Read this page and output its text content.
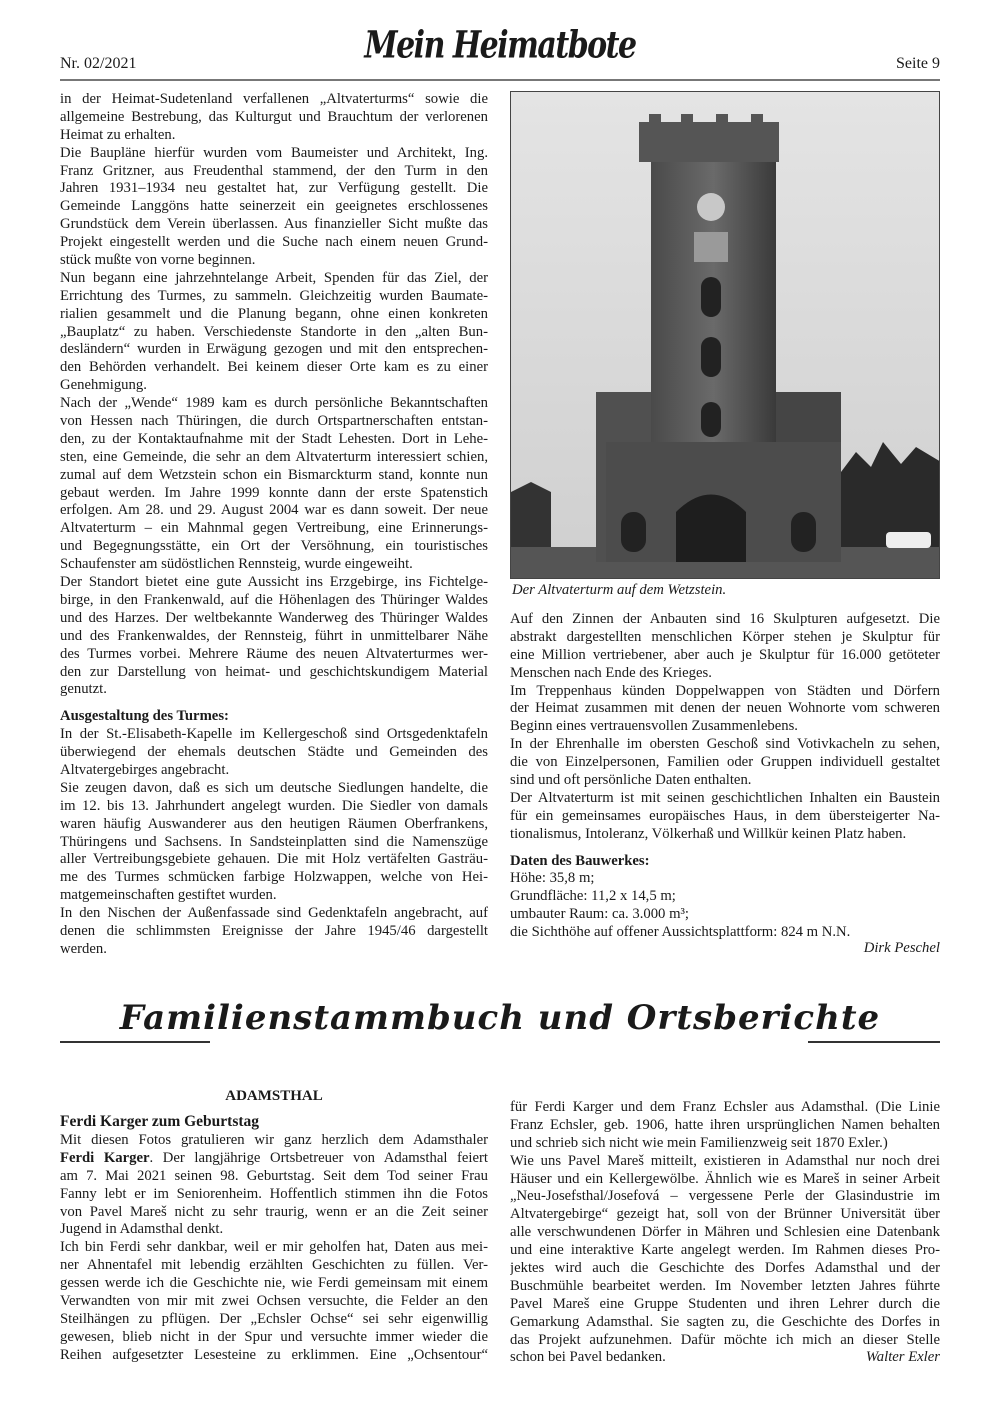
Nr. 02/2021	Mein Heimatbote	Seite 9
in der Heimat-Sudetenland verfallenen „Altvaterturms“ sowie die
allgemeine Bestrebung, das Kulturgut und Brauchtum der verlorenen
Heimat zu erhalten.
Die Baupläne hierfür wurden vom Baumeister und Architekt, Ing.
Franz Gritzner, aus Freudenthal stammend, der den Turm in den
Jahren 1931–1934 neu gestaltet hat, zur Verfügung gestellt. Die
Gemeinde Langgöns hatte seinerzeit ein geeignetes erschlossenes
Grundstück dem Verein überlassen. Aus finanzieller Sicht mußte das
Projekt eingestellt werden und die Suche nach einem neuen Grund-
stück mußte von vorne beginnen.
Nun begann eine jahrzehntelange Arbeit, Spenden für das Ziel, der
Errichtung des Turmes, zu sammeln. Gleichzeitig wurden Baumate-
rialien gesammelt und die Planung begann, ohne einen konkreten
„Bauplatz“ zu haben. Verschiedenste Standorte in den „alten Bun-
desländern“ wurden in Erwägung gezogen und mit den entsprechen-
den Behörden verhandelt. Bei keinem dieser Orte kam es zu einer
Genehmigung.
Nach der „Wende“ 1989 kam es durch persönliche Bekanntschaften
von Hessen nach Thüringen, die durch Ortspartnerschaften entstan-
den, zu der Kontaktaufnahme mit der Stadt Lehesten. Dort in Lehe-
sten, eine Gemeinde, die sehr an dem Altvaterturm interessiert schien,
zumal auf dem Wetzstein schon ein Bismarckturm stand, konnte nun
gebaut werden. Im Jahre 1999 konnte dann der erste Spatenstich
erfolgen. Am 28. und 29. August 2004 war es dann soweit. Der neue
Altvaterturm – ein Mahnmal gegen Vertreibung, eine Erinnerungs-
und Begegnungsstätte, ein Ort der Versöhnung, ein touristisches
Schaufenster am südöstlichen Rennsteig, wurde eingeweiht.
Der Standort bietet eine gute Aussicht ins Erzgebirge, ins Fichtelge-
birge, in den Frankenwald, auf die Höhenlagen des Thüringer Waldes
und des Harzes. Der weltbekannte Wanderweg des Thüringer Waldes
und des Frankenwaldes, der Rennsteig, führt in unmittelbarer Nähe
des Turmes vorbei. Mehrere Räume des neuen Altvaterturmes wer-
den zur Darstellung von heimat- und geschichtskundigem Material
genutzt.
Ausgestaltung des Turmes:
In der St.-Elisabeth-Kapelle im Kellergeschoß sind Ortsgedenktafeln
überwiegend der ehemals deutschen Städte und Gemeinden des
Altvatergebirges angebracht.
Sie zeugen davon, daß es sich um deutsche Siedlungen handelte, die
im 12. bis 13. Jahrhundert angelegt wurden. Die Siedler von damals
waren häufig Auswanderer aus den heutigen Räumen Oberfrankens,
Thüringens und Sachsens. In Sandsteinplatten sind die Namenszüge
aller Vertreibungsgebiete gehauen. Die mit Holz vertäfelten Gasträu-
me des Turmes schmücken farbige Holzwappen, welche von Hei-
matgemeinschaften gestiftet wurden.
In den Nischen der Außenfassade sind Gedenktafeln angebracht, auf
denen die schlimmsten Ereignisse der Jahre 1945/46 dargestellt
werden.
Der Altvaterturm auf dem Wetzstein.
Auf den Zinnen der Anbauten sind 16 Skulpturen aufgesetzt. Die
abstrakt dargestellten menschlichen Körper stehen je Skulptur für
eine Million vertriebener, aber auch je Skulptur für 16.000 getöteter
Menschen nach Ende des Krieges.
Im Treppenhaus künden Doppelwappen von Städten und Dörfern
der Heimat zusammen mit denen der neuen Wohnorte vom schweren
Beginn eines vertrauensvollen Zusammenlebens.
In der Ehrenhalle im obersten Geschoß sind Votivkacheln zu sehen,
die von Einzelpersonen, Familien oder Gruppen individuell gestaltet
sind und oft persönliche Daten enthalten.
Der Altvaterturm ist mit seinen geschichtlichen Inhalten ein Baustein
für ein gemeinsames europäisches Haus, in dem übersteigerter Na-
tionalismus, Intoleranz, Völkerhaß und Willkür keinen Platz haben.
Daten des Bauwerkes:
Höhe: 35,8 m;
Grundfläche: 11,2 x 14,5 m;
umbauter Raum: ca. 3.000 m³;
die Sichthöhe auf offener Aussichtsplattform: 824 m N.N.
Dirk Peschel
Familienstammbuch und Ortsberichte
ADAMSTHAL
Ferdi Karger zum Geburtstag
Mit diesen Fotos gratulieren wir ganz herzlich dem Adamsthaler
Ferdi Karger. Der langjährige Ortsbetreuer von Adamsthal feiert
am 7. Mai 2021 seinen 98. Geburtstag. Seit dem Tod seiner Frau
Fanny lebt er im Seniorenheim. Hoffentlich stimmen ihn die Fotos
von Pavel Mareš nicht zu sehr traurig, wenn er an die Zeit seiner
Jugend in Adamsthal denkt.
Ich bin Ferdi sehr dankbar, weil er mir geholfen hat, Daten aus mei-
ner Ahnentafel mit lebendig erzählten Geschichten zu füllen. Ver-
gessen werde ich die Geschichte nie, wie Ferdi gemeinsam mit einem
Verwandten von mir mit zwei Ochsen versuchte, die Felder an den
Steilhängen zu pflügen. Der „Echsler Ochse“ sei sehr eigenwillig
gewesen, blieb nicht in der Spur und versuchte immer wieder die
Reihen aufgesetzter Lesesteine zu erklimmen. Eine „Ochsentour“
für Ferdi Karger und dem Franz Echsler aus Adamsthal. (Die Linie
Franz Echsler, geb. 1906, hatte ihren ursprünglichen Namen behalten
und schrieb sich nicht wie mein Familienzweig seit 1870 Exler.)
Wie uns Pavel Mareš mitteilt, existieren in Adamsthal nur noch drei
Häuser und ein Kellergewölbe. Ähnlich wie es Mareš in seiner Arbeit
„Neu-Josefsthal/Josefová – vergessene Perle der Glasindustrie im
Altvatergebirge“ gezeigt hat, soll von der Brünner Universität über
alle verschwundenen Dörfer in Mähren und Schlesien eine Datenbank
und eine interaktive Karte angelegt werden. Im Rahmen dieses Pro-
jektes wird auch die Geschichte des Dorfes Adamsthal und der
Buschmühle bearbeitet werden. Im November letzten Jahres führte
Pavel Mareš eine Gruppe Studenten und ihren Lehrer durch die
Gemarkung Adamsthal. Sie sagten zu, die Geschichte des Dorfes in
das Projekt aufzunehmen. Dafür möchte ich mich an dieser Stelle
schon bei Pavel bedanken.	Walter Exler
